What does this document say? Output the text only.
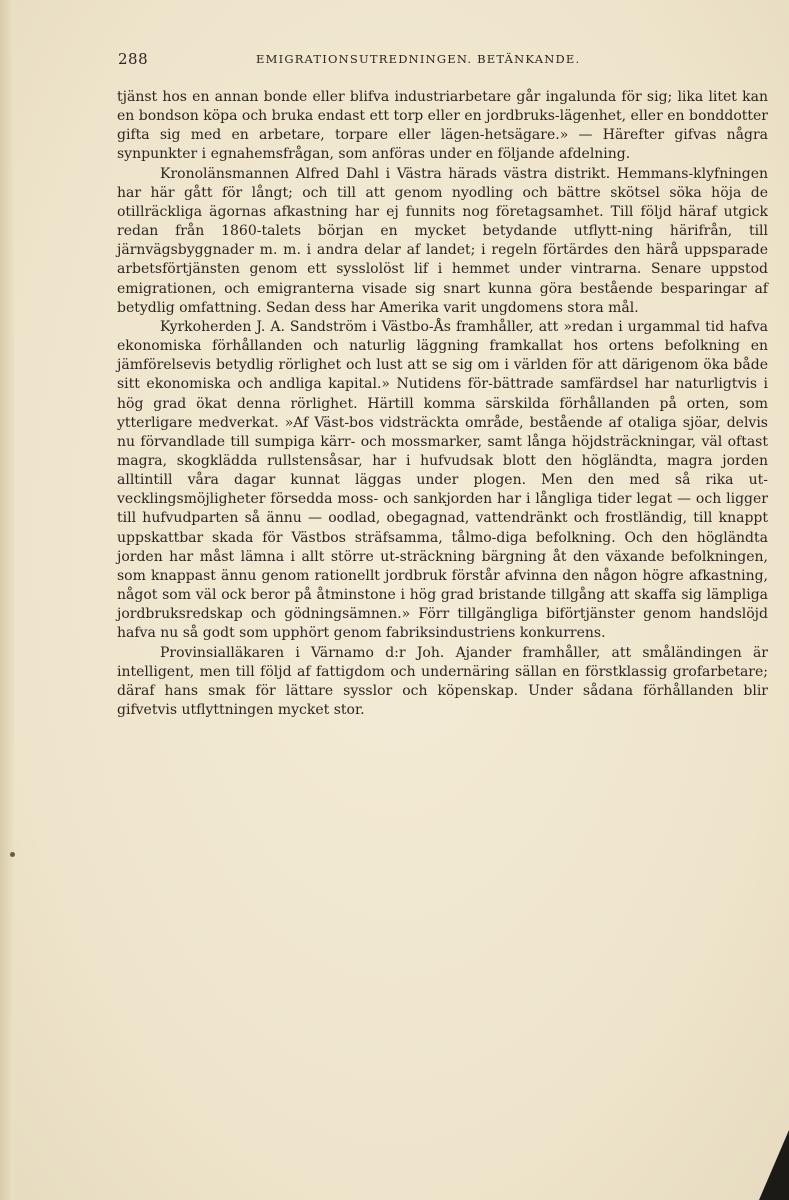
288	EMIGRATIONSUTREDNINGEN. BETÄNKANDE.

tjänst hos en annan bonde eller blifva industriarbetare går ingalunda för sig; lika litet kan en bondson köpa och bruka endast ett torp eller en jordbruks-lägenhet, eller en bonddotter gifta sig med en arbetare, torpare eller lägen-hetsägare.» — Härefter gifvas några synpunkter i egnahemsfrågan, som anföras under en följande afdelning.

Kronolänsmannen Alfred Dahl i Västra härads västra distrikt. Hemmans-klyfningen har här gått för långt; och till att genom nyodling och bättre skötsel söka höja de otillräckliga ägornas afkastning har ej funnits nog företagsamhet. Till följd häraf utgick redan från 1860-talets början en mycket betydande utflytt-ning härifrån, till järnvägsbyggnader m. m. i andra delar af landet; i regeln förtärdes den härå uppsparade arbetsförtjänsten genom ett sysslolöst lif i hemmet under vintrarna. Senare uppstod emigrationen, och emigranterna visade sig snart kunna göra bestående besparingar af betydlig omfattning. Sedan dess har Amerika varit ungdomens stora mål.

Kyrkoherden J. A. Sandström i Västbo-Ås framhåller, att »redan i urgammal tid hafva ekonomiska förhållanden och naturlig läggning framkallat hos ortens befolkning en jämförelsevis betydlig rörlighet och lust att se sig om i världen för att därigenom öka både sitt ekonomiska och andliga kapital.» Nutidens för-bättrade samfärdsel har naturligtvis i hög grad ökat denna rörlighet. Härtill komma särskilda förhållanden på orten, som ytterligare medverkat. »Af Väst-bos vidsträckta område, bestående af otaliga sjöar, delvis nu förvandlade till sumpiga kärr- och mossmarker, samt långa höjdsträckningar, väl oftast magra, skogklädda rullstensåsar, har i hufvudsak blott den högländta, magra jorden alltintill våra dagar kunnat läggas under plogen. Men den med så rika ut-vecklingsmöjligheter försedda moss- och sankjorden har i långliga tider legat — och ligger till hufvudparten så ännu — oodlad, obegagnad, vattendränkt och frostländig, till knappt uppskattbar skada för Västbos sträfsamma, tålmo-diga befolkning. Och den högländta jorden har måst lämna i allt större ut-sträckning bärgning åt den växande befolkningen, som knappast ännu genom rationellt jordbruk förstår afvinna den någon högre afkastning, något som väl ock beror på åtminstone i hög grad bristande tillgång att skaffa sig lämpliga jordbruksredskap och gödningsämnen.» Förr tillgängliga biförtjänster genom handslöjd hafva nu så godt som upphört genom fabriksindustriens konkurrens.

Provinsialläkaren i Värnamo d:r Joh. Ajander framhåller, att småländingen är intelligent, men till följd af fattigdom och undernäring sällan en förstklassig grofarbetare; däraf hans smak för lättare sysslor och köpenskap. Under sådana förhållanden blir gifvetvis utflyttningen mycket stor.
